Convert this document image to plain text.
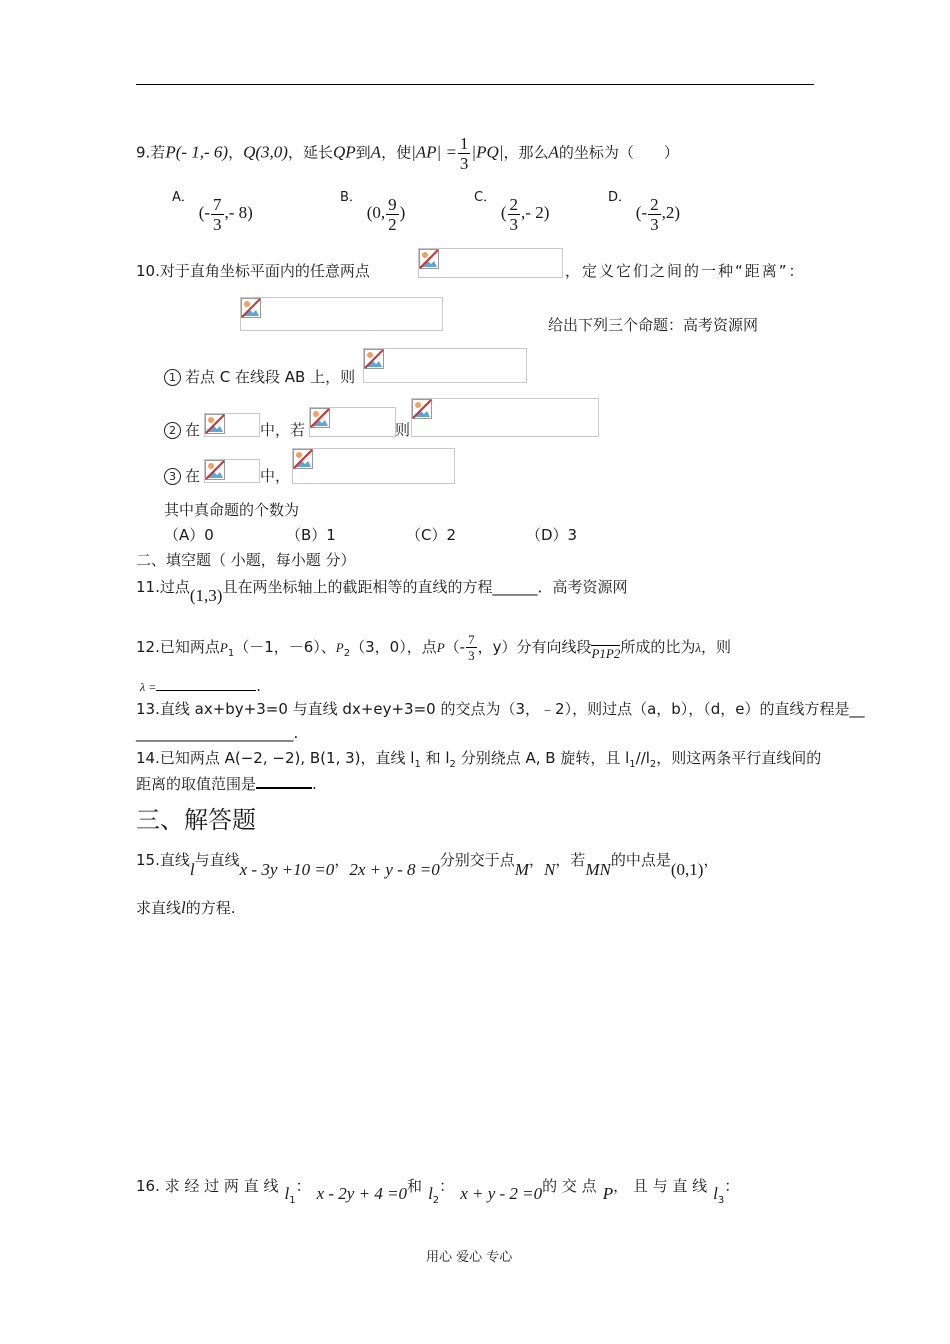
9.若P(- 1,- 6)，Q(3,0)，延长QP到A，使$|AP| = \frac{1}{3} |PQ|$，那么A的坐标为（　　）
A． (- $\frac{7}{3}$ ,- 8)
B． (0, $\frac{9}{2}$ )
C． ( $\frac{2}{3}$ ,- 2)
D． (- $\frac{2}{3} ,2$)
10.对于直角坐标平面内的任意两点	，定义它们之间的一种“距离”：
给出下列三个命题：高考资源网
1 若点 C 在线段 AB 上，则
2 在	中，若	则
3 在	中，
其中真命题的个数为
（A）0	（B）1	（C）2	（D）3
二、填空题（ 小题，每小题 分）
11.过点(1,3)且在两坐标轴上的截距相等的直线的方程______．高考资源网
12.已知两点$P_1(-1$，－6）、$P_2(3$，0），点$P(- \frac{7}{3}$ ，y）分有向线段P1P2所成的比为λ，则
λ =	.
13.直线 ax+by+3=0 与直线 dx+ey+3=0 的交点为（3，﹣2），则过点（a，b），（d，e）的直线方程是__
_____________________.
14.已知两点 A(−2, −2), B(1, 3)，直线 $l_1$ 和 $l_2$ 分别绕点 A, B 旋转，且 $l_1//l_2$，则这两条平行直线间的
距离的取值范围是	.
三、解答题
15.直线l与直线x - 3y +10 =0，2x + y - 8 =0分别交于点M，N，若MN的中点是(0,1)，
求直线l的方程.
16. 求 经 过 两 直 线 $l_1$： x - 2y + 4 =0和 $l_2$： x + y - 2 =0的 交 点 P， 且 与 直 线 $l_3$：
用心 爱心 专心
